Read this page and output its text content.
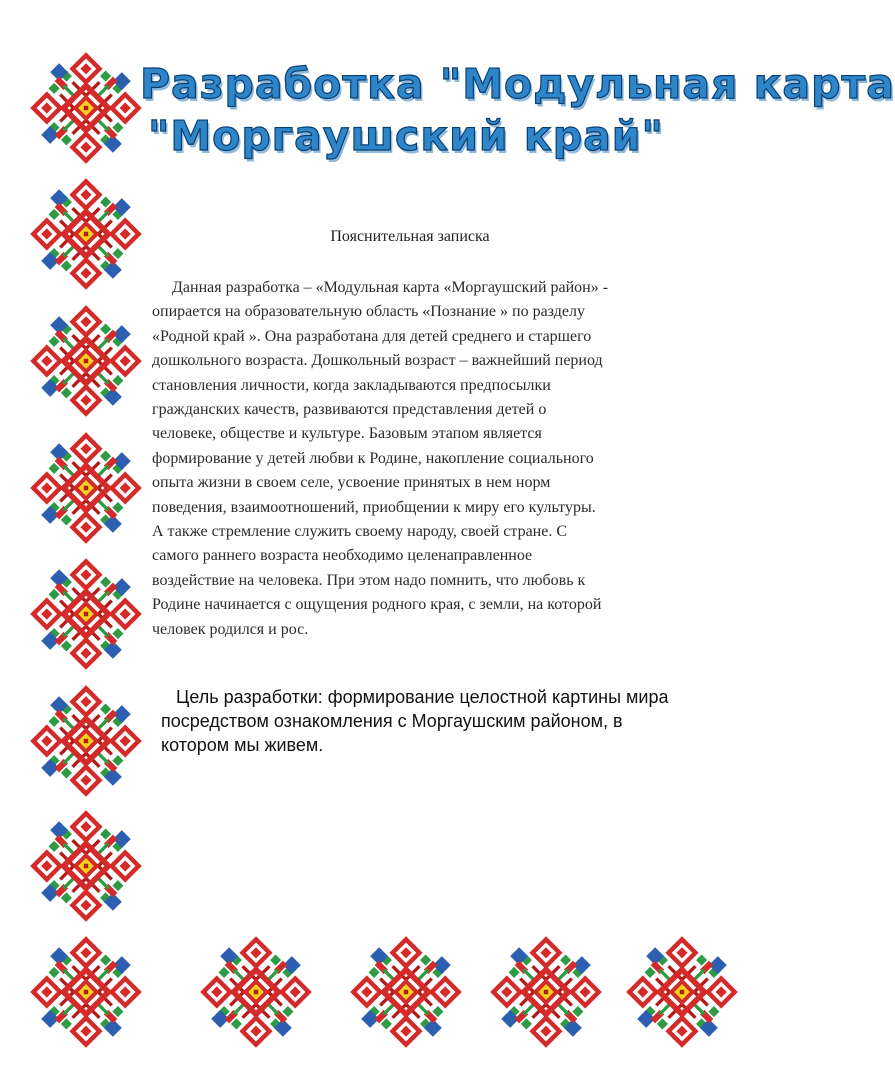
Разработка "Модульная карта
"Моргаушский край"

Пояснительная записка

Данная разработка – «Модульная карта «Моргаушский район» -
опирается на образовательную область «Познание » по разделу
«Родной край ». Она разработана для детей среднего и старшего
дошкольного возраста. Дошкольный возраст – важнейший период
становления личности, когда закладываются предпосылки
гражданских качеств, развиваются представления детей о
человеке, обществе и культуре. Базовым этапом является
формирование у детей любви к Родине, накопление социального
опыта жизни в своем селе, усвоение принятых в нем норм
поведения, взаимоотношений, приобщении к миру его культуры.
А также стремление служить своему народу, своей стране. С
самого раннего возраста необходимо целенаправленное
воздействие на человека. При этом надо помнить, что любовь к
Родине начинается с ощущения родного края, с земли, на которой
человек родился и рос.
Цель разработки: формирование целостной картины мира
посредством ознакомления с Моргаушским районом, в
котором мы живем.
